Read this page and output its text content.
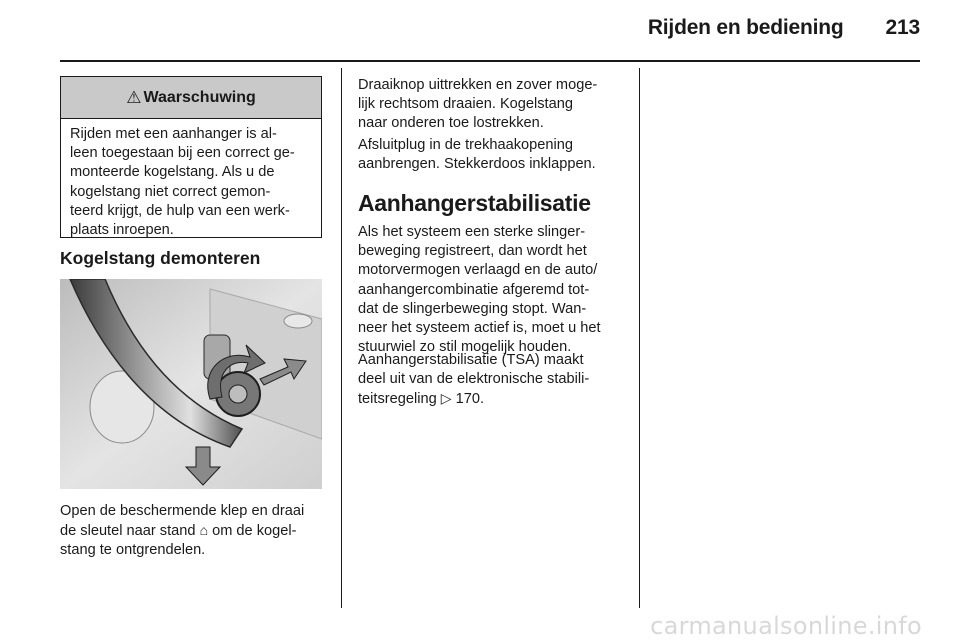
Rijden en bediening 213
⚠ Waarschuwing
Rijden met een aanhanger is al-
leen toegestaan bij een correct ge-
monteerde kogelstang. Als u de
kogelstang niet correct gemon-
teerd krijgt, de hulp van een werk-
plaats inroepen.
Kogelstang demonteren

Open de beschermende klep en draai
de sleutel naar stand ⌂ om de kogel-
stang te ontgrendelen.

Draaiknop uittrekken en zover moge-

lijk rechtsom draaien. Kogelstang

naar onderen toe lostrekken.

Afsluitplug in de trekhaakopening

aanbrengen. Stekkerdoos inklappen.

Aanhangerstabilisatie

Als het systeem een sterke slinger-

beweging registreert, dan wordt het

motorvermogen verlaagd en de auto/

aanhangercombinatie afgeremd tot-

dat de slingerbeweging stopt. Wan-

neer het systeem actief is, moet u het

stuurwiel zo stil mogelijk houden.

Aanhangerstabilisatie (TSA) maakt

deel uit van de elektronische stabili-

teitsregeling ▷ 170.

carmanualsonline.info
